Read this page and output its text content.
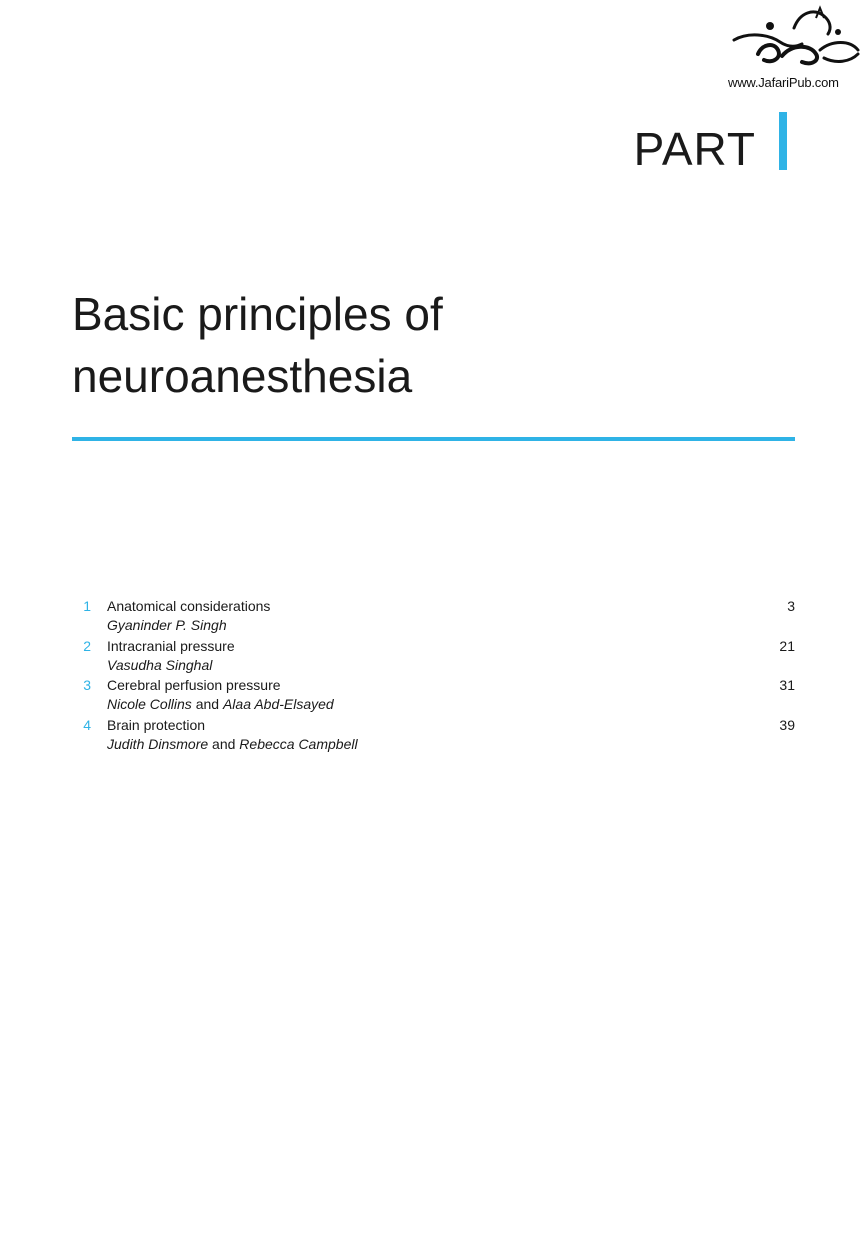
www.JafariPub.com
PART
Basic principles of
neuroanesthesia
1 Anatomical considerations	3
Gyaninder P. Singh
2 Intracranial pressure	21
Vasudha Singhal
3 Cerebral perfusion pressure	31
Nicole Collins and Alaa Abd-Elsayed
4 Brain protection	39
Judith Dinsmore and Rebecca Campbell
